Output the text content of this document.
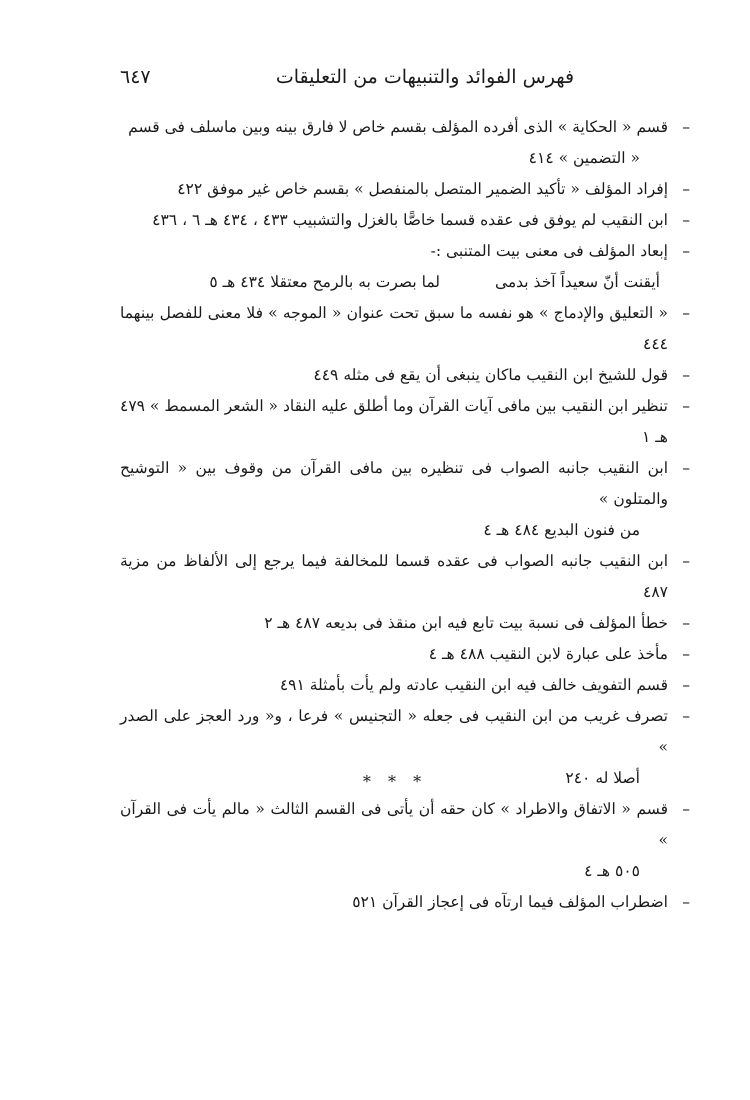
فهرس الفوائد والتنبيهات من التعليقات
٦٤٧
–
قسم « الحكاية » الذى أفرده المؤلف بقسم خاص لا فارق بينه وبين ماسلف فى قسم
« التضمين » ٤١٤
–
إفراد المؤلف « تأكيد الضمير المتصل بالمنفصل » بقسم خاص غير موفق ٤٢٢
–
ابن النقيب لم يوفق فى عقده قسما خاصًّا بالغزل والتشبيب ٤٣٣ ، ٤٣٤ هـ ٦ ، ٤٣٦
–
إبعاد المؤلف فى معنى بيت المتنبى :-
أيقنت أنّ سعيداً آخذ بدمى
لما بصرت به بالرمح معتقلا ٤٣٤ هـ ٥
–
« التعليق والإدماج » هو نفسه ما سبق تحت عنوان « الموجه » فلا معنى للفصل بينهما ٤٤٤
–
قول للشيخ ابن النقيب ماكان ينبغى أن يقع فى مثله ٤٤٩
–
تنظير ابن النقيب بين مافى آيات القرآن وما أطلق عليه النقاد « الشعر المسمط » ٤٧٩ هـ ١
–
ابن النقيب جانبه الصواب فى تنظيره بين مافى القرآن من وقوف بين « التوشيح والمتلون »
من فنون البديع ٤٨٤ هـ ٤
–
ابن النقيب جانبه الصواب فى عقده قسما للمخالفة فيما يرجع إلى الألفاظ من مزية ٤٨٧
–
خطأ المؤلف فى نسبة بيت تابع فيه ابن منقذ فى بديعه ٤٨٧ هـ ٢
–
مأخذ على عبارة لابن النقيب ٤٨٨ هـ ٤
–
قسم التفويف خالف فيه ابن النقيب عادته ولم يأت بأمثلة ٤٩١
–
تصرف غريب من ابن النقيب فى جعله « التجنيس » فرعا ، و« ورد العجز على الصدر »
أصلا له ٢٤٠
–
قسم « الاتفاق والاطراد » كان حقه أن يأتى فى القسم الثالث « مالم يأت فى القرآن »
٥٠٥ هـ ٤
–
اضطراب المؤلف فيما ارتآه فى إعجاز القرآن ٥٢١
* * *
